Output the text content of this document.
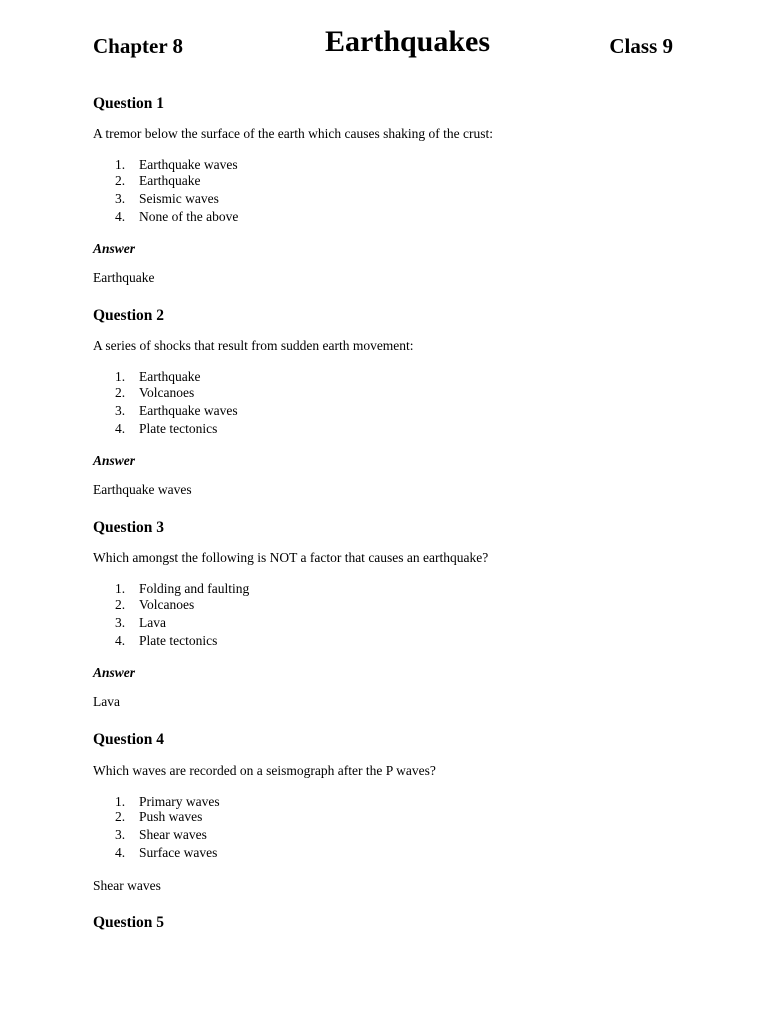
Chapter 8	Earthquakes	Class 9
Question 1
A tremor below the surface of the earth which causes shaking of the crust:
1. Earthquake waves
2. Earthquake
3. Seismic waves
4. None of the above
Answer
Earthquake
Question 2
A series of shocks that result from sudden earth movement:
1. Earthquake
2. Volcanoes
3. Earthquake waves
4. Plate tectonics
Answer
Earthquake waves
Question 3
Which amongst the following is NOT a factor that causes an earthquake?
1. Folding and faulting
2. Volcanoes
3. Lava
4. Plate tectonics
Answer
Lava
Question 4
Which waves are recorded on a seismograph after the P waves?
1. Primary waves
2. Push waves
3. Shear waves
4. Surface waves
Shear waves
Question 5
